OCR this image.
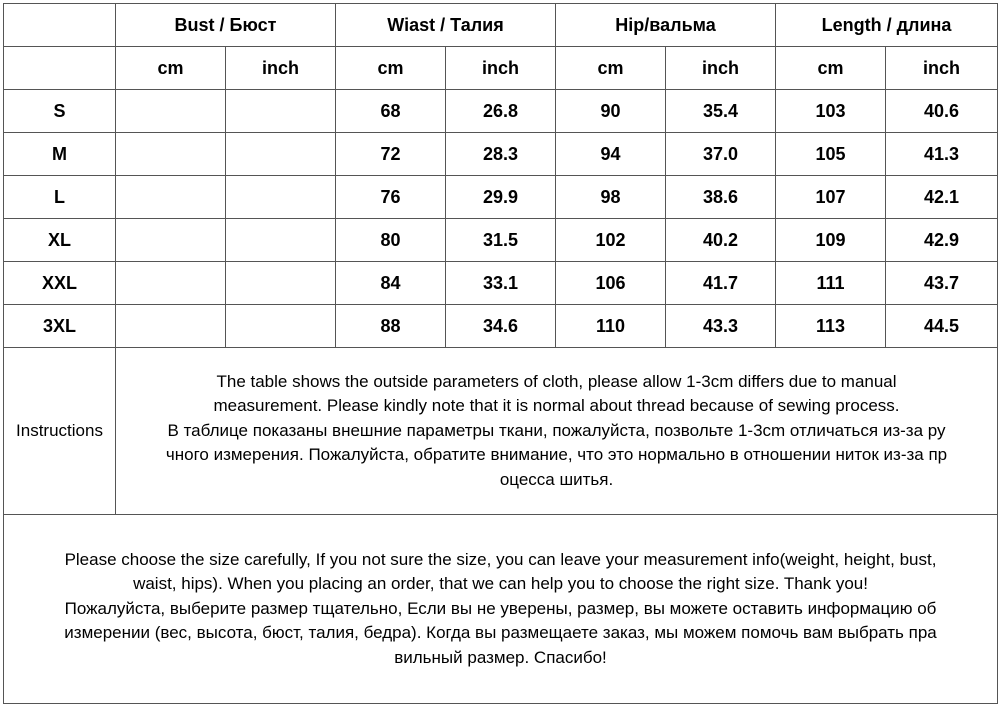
	Bust / Бюст		Wiast / Талия		Hip/вальма		Length / длина	
	cm	inch	cm	inch	cm	inch	cm	inch
S			68	26.8	90	35.4	103	40.6
M			72	28.3	94	37.0	105	41.3
L			76	29.9	98	38.6	107	42.1
XL			80	31.5	102	40.2	109	42.9
XXL			84	33.1	106	41.7	111	43.7
3XL			88	34.6	110	43.3	113	44.5
Instructions	The table shows the outside parameters of cloth, please allow 1-3cm differs due to manual
measurement. Please kindly note that it is normal about thread because of sewing process.
В таблице показаны внешние параметры ткани, пожалуйста, позвольте 1-3cm отличаться из-за ру
чного измерения. Пожалуйста, обратите внимание, что это нормально в отношении ниток из-за пр
оцесса шитья.							

Please choose the size carefully, If you not sure the size, you can leave your measurement info(weight, height, bust,
waist, hips). When you placing an order, that we can help you to choose the right size. Thank you!
Пожалуйста, выберите размер тщательно, Если вы не уверены, размер, вы можете оставить информацию об
измерении (вес, высота, бюст, талия, бедра). Когда вы размещаете заказ, мы можем помочь вам выбрать пра
вильный размер. Спасибо!								
